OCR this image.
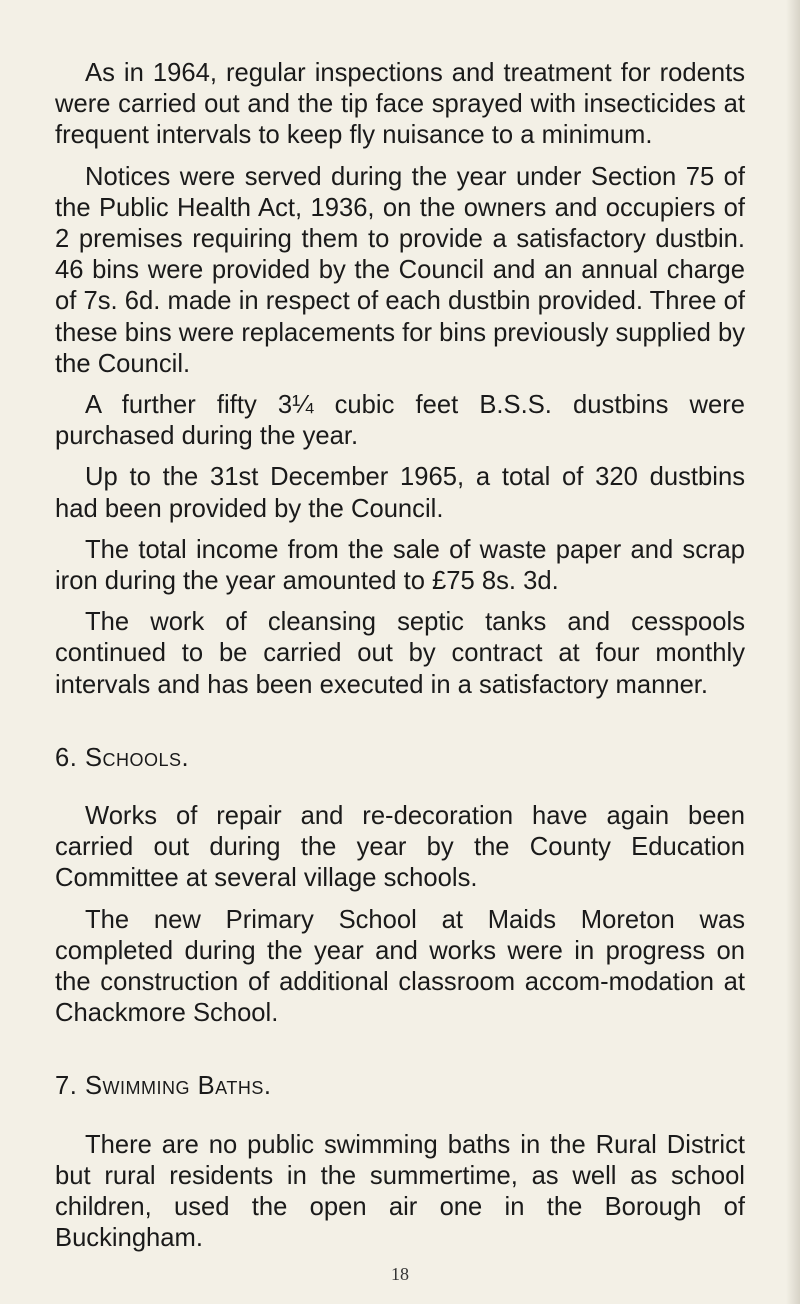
As in 1964, regular inspections and treatment for rodents were carried out and the tip face sprayed with insecticides at frequent intervals to keep fly nuisance to a minimum.

Notices were served during the year under Section 75 of the Public Health Act, 1936, on the owners and occupiers of 2 premises requiring them to provide a satisfactory dustbin. 46 bins were provided by the Council and an annual charge of 7s. 6d. made in respect of each dustbin provided. Three of these bins were replacements for bins previously supplied by the Council.

A further fifty 3¼ cubic feet B.S.S. dustbins were purchased during the year.

Up to the 31st December 1965, a total of 320 dustbins had been provided by the Council.

The total income from the sale of waste paper and scrap iron during the year amounted to £75 8s. 3d.

The work of cleansing septic tanks and cesspools continued to be carried out by contract at four monthly intervals and has been executed in a satisfactory manner.

6. Schools.

Works of repair and re-decoration have again been carried out during the year by the County Education Committee at several village schools.

The new Primary School at Maids Moreton was completed during the year and works were in progress on the construction of additional classroom accom-modation at Chackmore School.

7. Swimming Baths.

There are no public swimming baths in the Rural District but rural residents in the summertime, as well as school children, used the open air one in the Borough of Buckingham.

18
